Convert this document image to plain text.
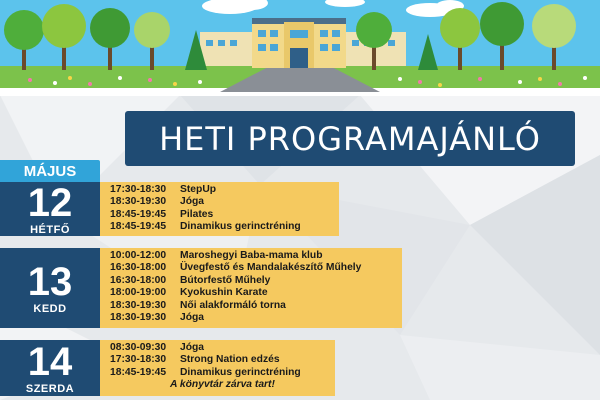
HETI PROGRAMAJÁNLÓ
MÁJUS
12
HÉTFŐ
17:30-18:30	StepUp
18:30-19:30	Jóga
18:45-19:45	Pilates
18:45-19:45	Dinamikus gerinctréning
13
KEDD
10:00-12:00	Maroshegyi Baba-mama klub
16:30-18:00	Üvegfestő és Mandalakészítő Műhely
16:30-18:00	Bútorfestő Műhely
18:00-19:00	Kyokushin Karate
18:30-19:30	Női alakformáló torna
18:30-19:30	Jóga
14
SZERDA
08:30-09:30	Jóga
17:30-18:30	Strong Nation edzés
18:45-19:45	Dinamikus gerinctréning
A könyvtár zárva tart!
